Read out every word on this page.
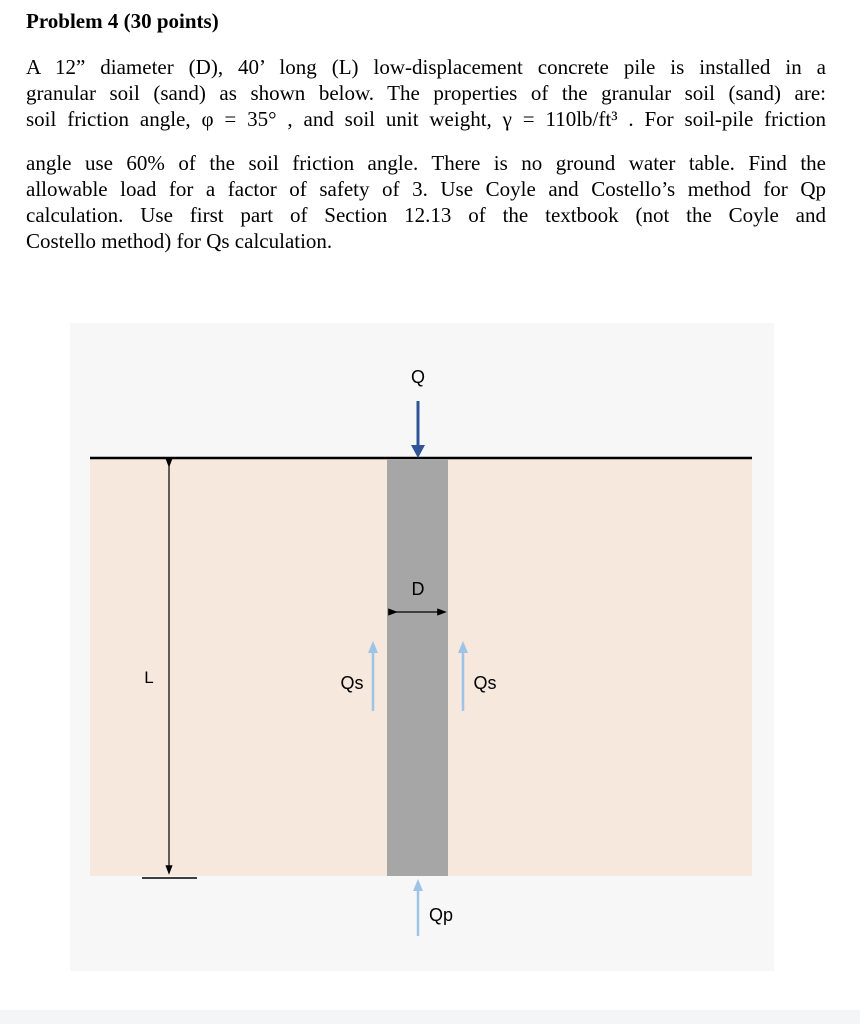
Problem 4 (30 points)

A 12” diameter (D), 40’ long (L) low-displacement concrete pile is installed in a
granular soil (sand) as shown below. The properties of the granular soil (sand) are:
soil friction angle, φ = 35° , and soil unit weight, γ = 110lb/ft³ . For soil-pile friction
angle use 60% of the soil friction angle. There is no ground water table. Find the
allowable load for a factor of safety of 3. Use Coyle and Costello’s method for Qp
calculation. Use first part of Section 12.13 of the textbook (not the Coyle and
Costello method) for Qs calculation.

Q
D
L	Qs	Qs
Qp
